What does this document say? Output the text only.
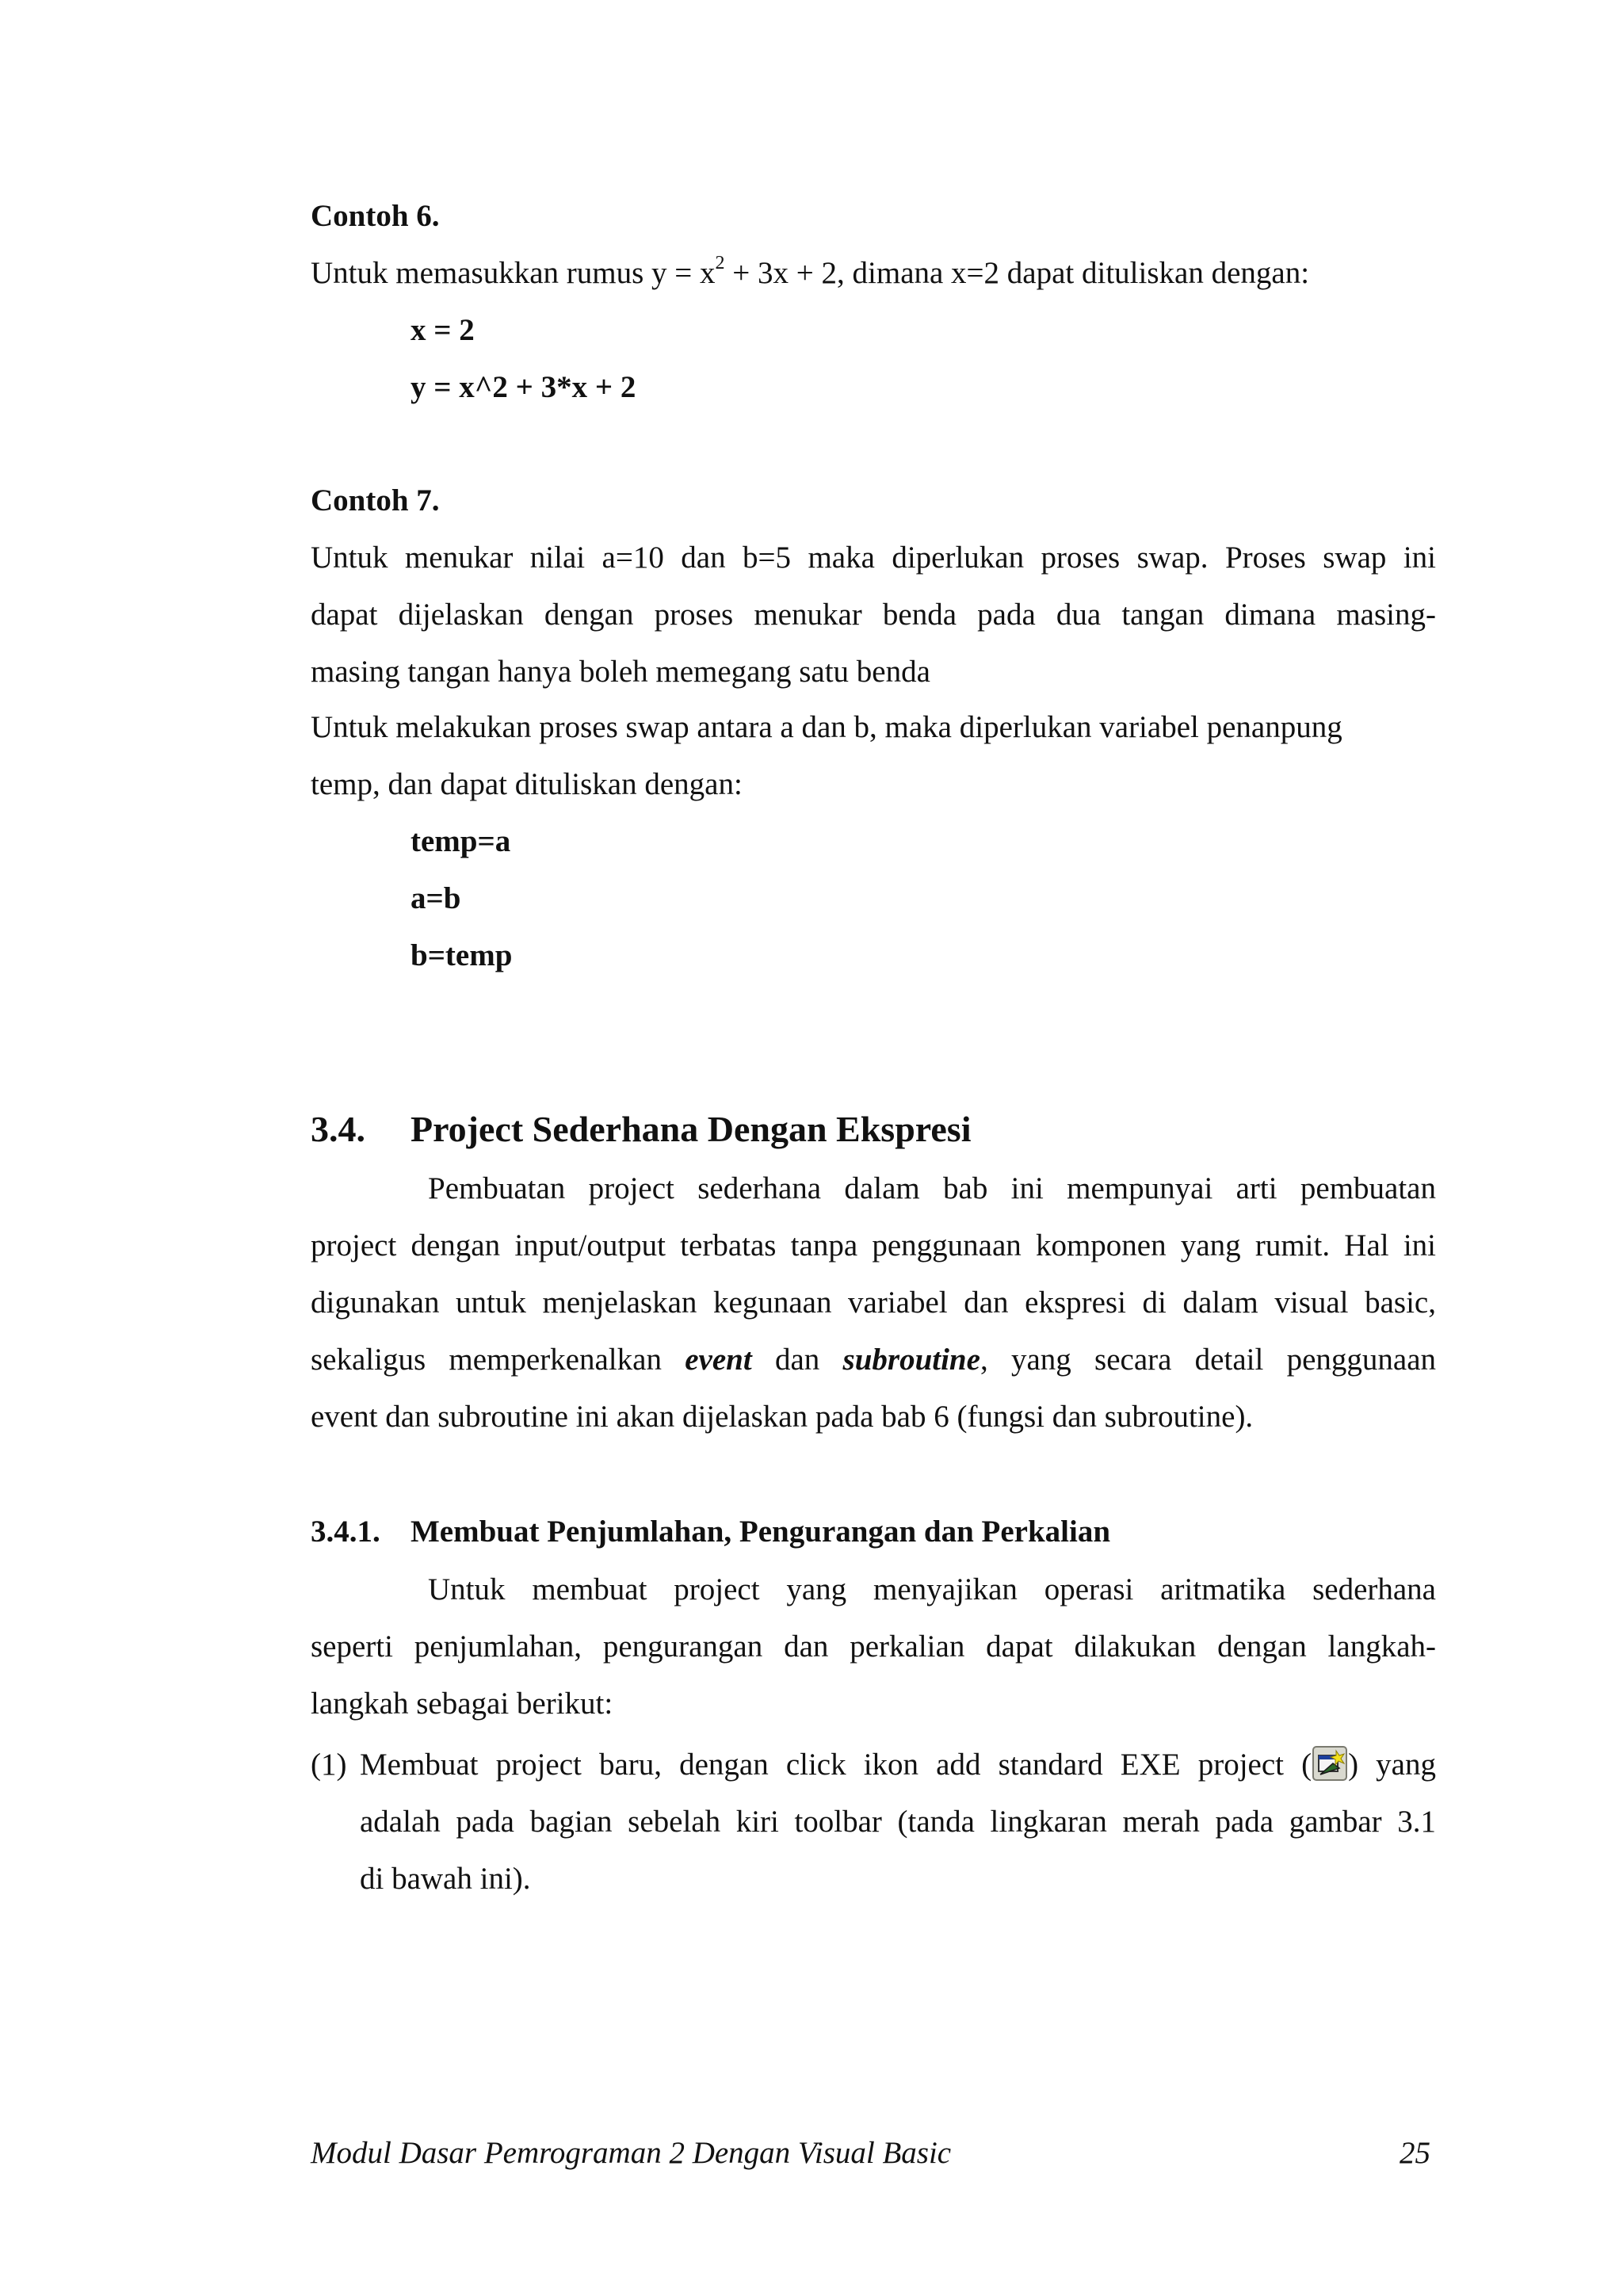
Contoh 6.
Untuk memasukkan rumus $y = x^2 + 3x + 2$, dimana x=2 dapat dituliskan dengan:
x = 2
y = x^2 + 3*x + 2
Contoh 7.
Untuk menukar nilai a=10 dan b=5 maka diperlukan proses swap. Proses swap ini
dapat dijelaskan dengan proses menukar benda pada dua tangan dimana masing-
masing tangan hanya boleh memegang satu benda
Untuk melakukan proses swap antara a dan b, maka diperlukan variabel penanpung
temp, dan dapat dituliskan dengan:
temp=a
a=b
b=temp
3.4. Project Sederhana Dengan Ekspresi
Pembuatan project sederhana dalam bab ini mempunyai arti pembuatan
project dengan input/output terbatas tanpa penggunaan komponen yang rumit. Hal ini
digunakan untuk menjelaskan kegunaan variabel dan ekspresi di dalam visual basic,
sekaligus memperkenalkan event dan subroutine, yang secara detail penggunaan
event dan subroutine ini akan dijelaskan pada bab 6 (fungsi dan subroutine).
3.4.1. Membuat Penjumlahan, Pengurangan dan Perkalian
Untuk membuat project yang menyajikan operasi aritmatika sederhana
seperti penjumlahan, pengurangan dan perkalian dapat dilakukan dengan langkah-
langkah sebagai berikut:
(1) Membuat project baru, dengan click ikon add standard EXE project ( ) yang
adalah pada bagian sebelah kiri toolbar (tanda lingkaran merah pada gambar 3.1
di bawah ini).
Modul Dasar Pemrograman 2 Dengan Visual Basic	25
